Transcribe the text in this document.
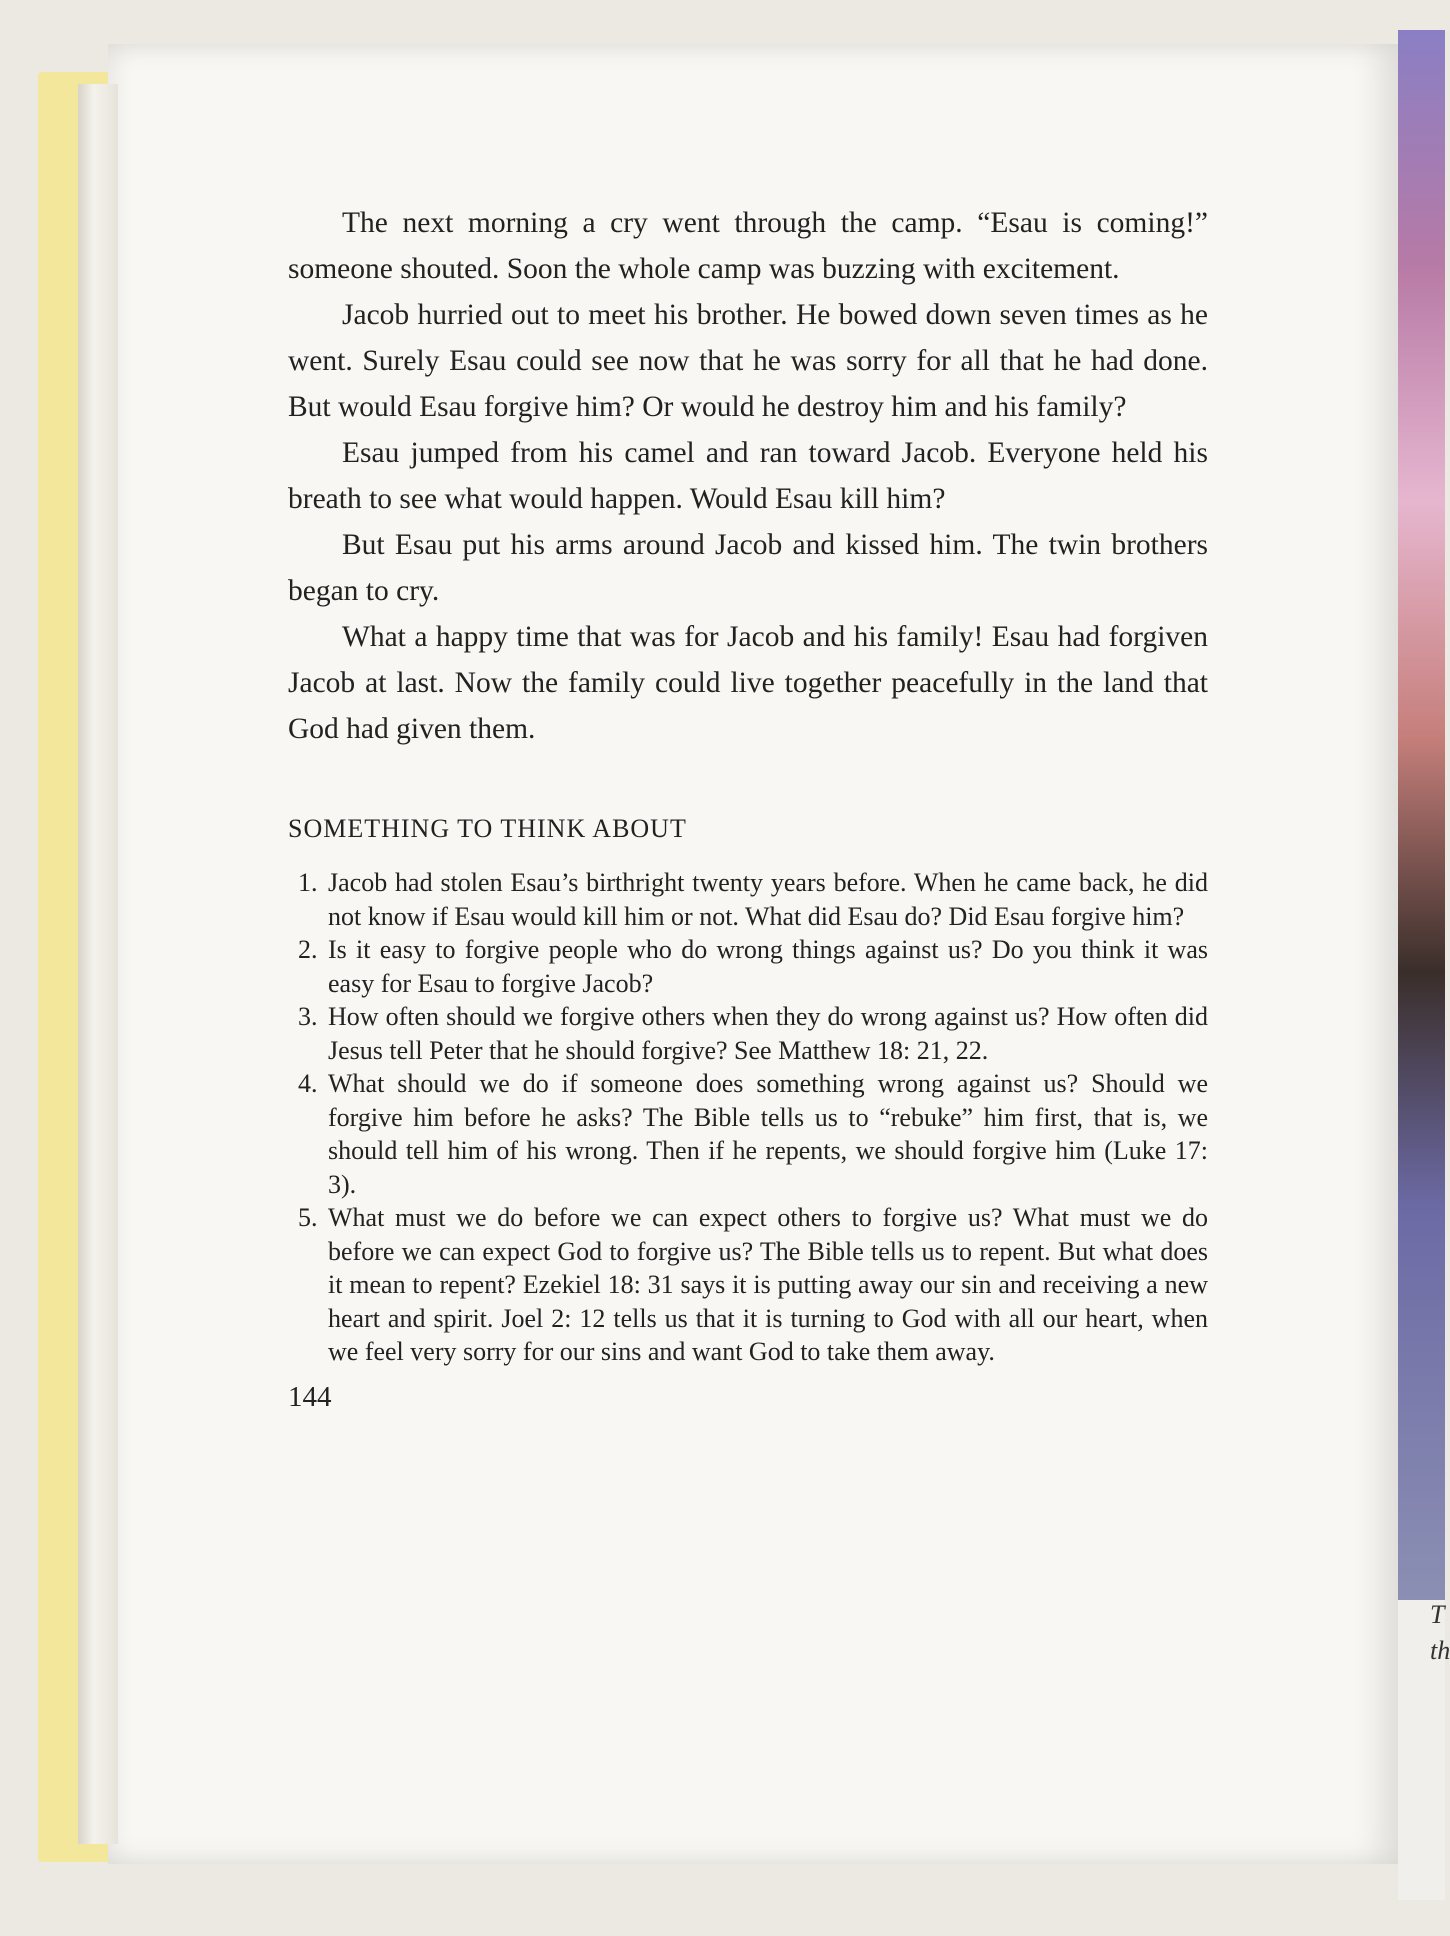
T
th

The next morning a cry went through the camp. “Esau is coming!” someone shouted. Soon the whole camp was buzzing with excitement.

Jacob hurried out to meet his brother. He bowed down seven times as he went. Surely Esau could see now that he was sorry for all that he had done. But would Esau forgive him? Or would he destroy him and his family?

Esau jumped from his camel and ran toward Jacob. Everyone held his breath to see what would happen. Would Esau kill him?

But Esau put his arms around Jacob and kissed him. The twin brothers began to cry.

What a happy time that was for Jacob and his family! Esau had forgiven Jacob at last. Now the family could live together peacefully in the land that God had given them.

SOMETHING TO THINK ABOUT
1. Jacob had stolen Esau’s birthright twenty years before. When he came back, he did not know if Esau would kill him or not. What did Esau do? Did Esau forgive him?
2. Is it easy to forgive people who do wrong things against us? Do you think it was easy for Esau to forgive Jacob?
3. How often should we forgive others when they do wrong against us? How often did Jesus tell Peter that he should forgive? See Matthew 18: 21, 22.
4. What should we do if someone does something wrong against us? Should we forgive him before he asks? The Bible tells us to “rebuke” him first, that is, we should tell him of his wrong. Then if he repents, we should forgive him (Luke 17: 3).
5. What must we do before we can expect others to forgive us? What must we do before we can expect God to forgive us? The Bible tells us to repent. But what does it mean to repent? Ezekiel 18: 31 says it is putting away our sin and receiving a new heart and spirit. Joel 2: 12 tells us that it is turning to God with all our heart, when we feel very sorry for our sins and want God to take them away.
144
